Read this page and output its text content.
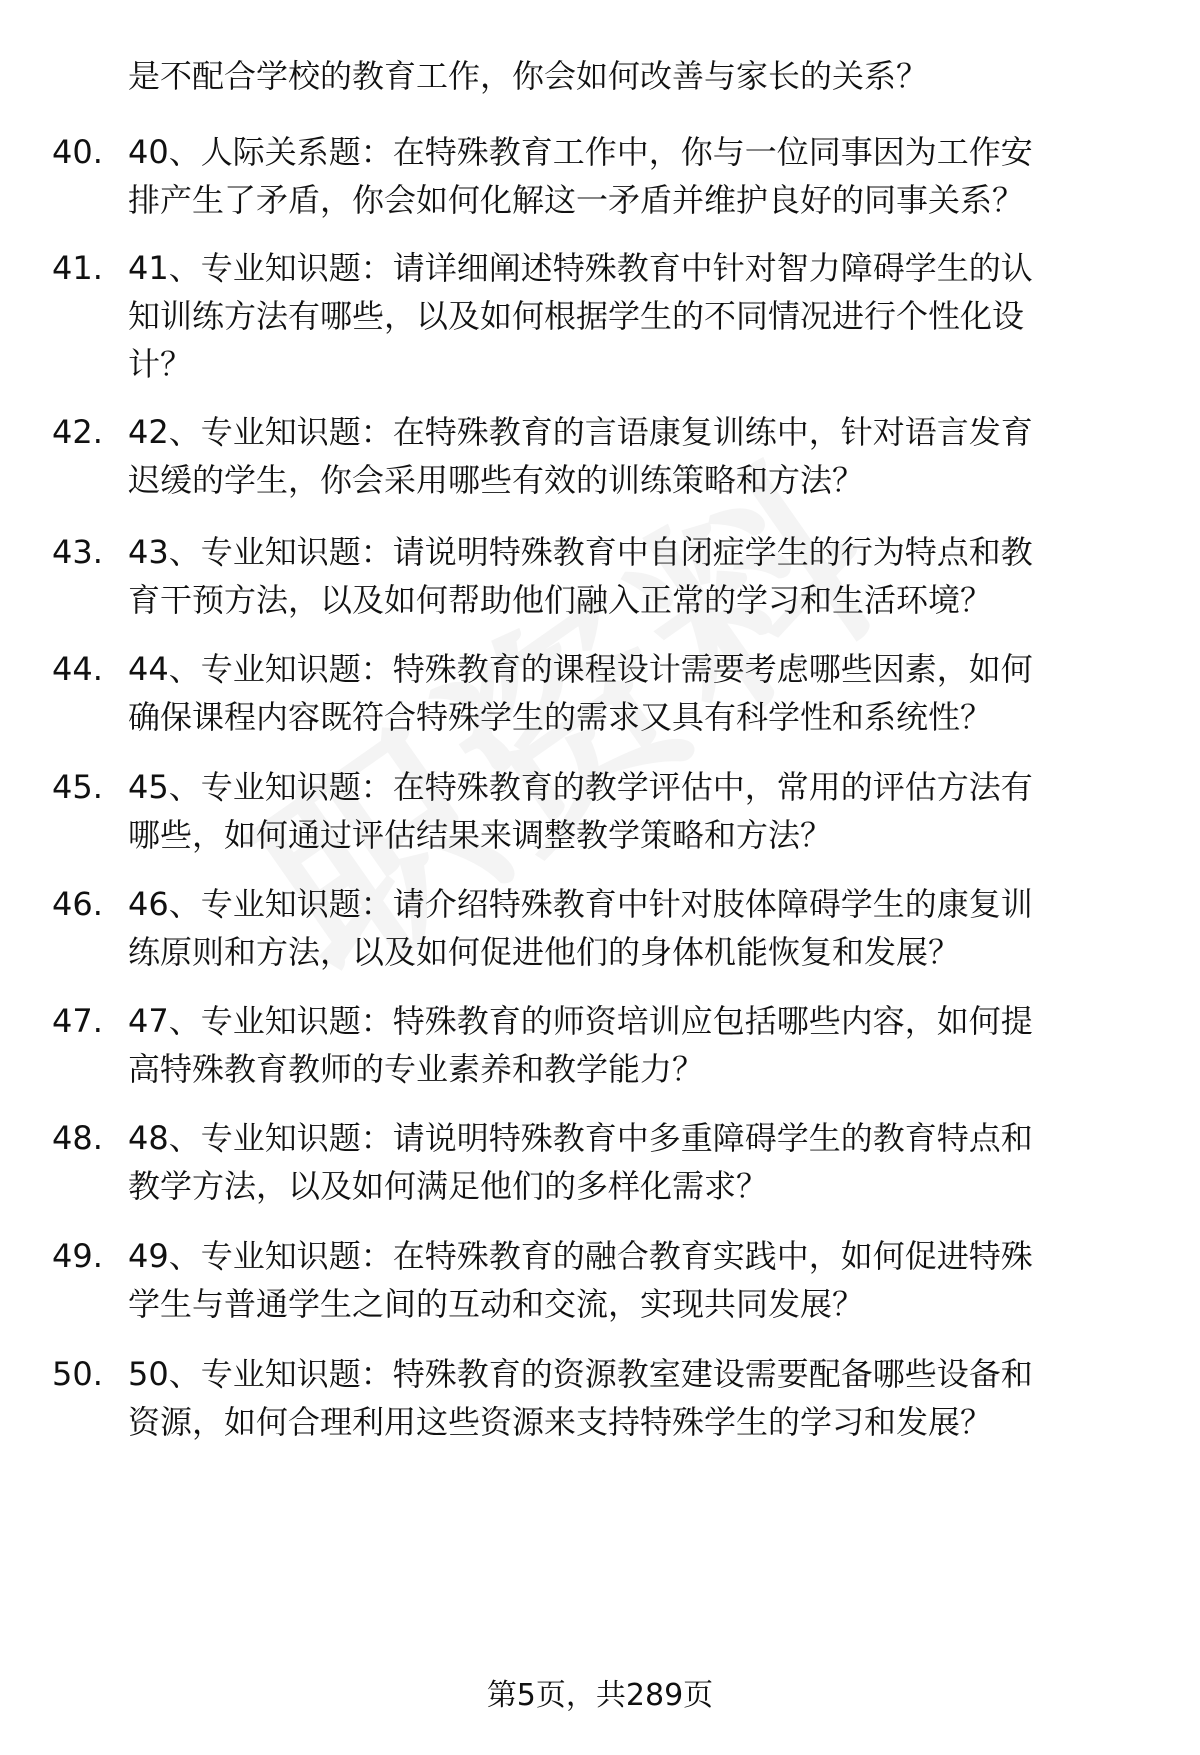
是不配合学校的教育工作，你会如何改善与家长的关系？
40. 40、人际关系题：在特殊教育工作中，你与一位同事因为工作安
排产生了矛盾，你会如何化解这一矛盾并维护良好的同事关系？
41. 41、专业知识题：请详细阐述特殊教育中针对智力障碍学生的认
知训练方法有哪些，以及如何根据学生的不同情况进行个性化设
计？
42. 42、专业知识题：在特殊教育的言语康复训练中，针对语言发育
迟缓的学生，你会采用哪些有效的训练策略和方法？
43. 43、专业知识题：请说明特殊教育中自闭症学生的行为特点和教
育干预方法，以及如何帮助他们融入正常的学习和生活环境？
44. 44、专业知识题：特殊教育的课程设计需要考虑哪些因素，如何
确保课程内容既符合特殊学生的需求又具有科学性和系统性？
45. 45、专业知识题：在特殊教育的教学评估中，常用的评估方法有
哪些，如何通过评估结果来调整教学策略和方法？
46. 46、专业知识题：请介绍特殊教育中针对肢体障碍学生的康复训
练原则和方法，以及如何促进他们的身体机能恢复和发展？
47. 47、专业知识题：特殊教育的师资培训应包括哪些内容，如何提
高特殊教育教师的专业素养和教学能力？
48. 48、专业知识题：请说明特殊教育中多重障碍学生的教育特点和
教学方法，以及如何满足他们的多样化需求？
49. 49、专业知识题：在特殊教育的融合教育实践中，如何促进特殊
学生与普通学生之间的互动和交流，实现共同发展？
50. 50、专业知识题：特殊教育的资源教室建设需要配备哪些设备和
资源，如何合理利用这些资源来支持特殊学生的学习和发展？
第5页，共289页
